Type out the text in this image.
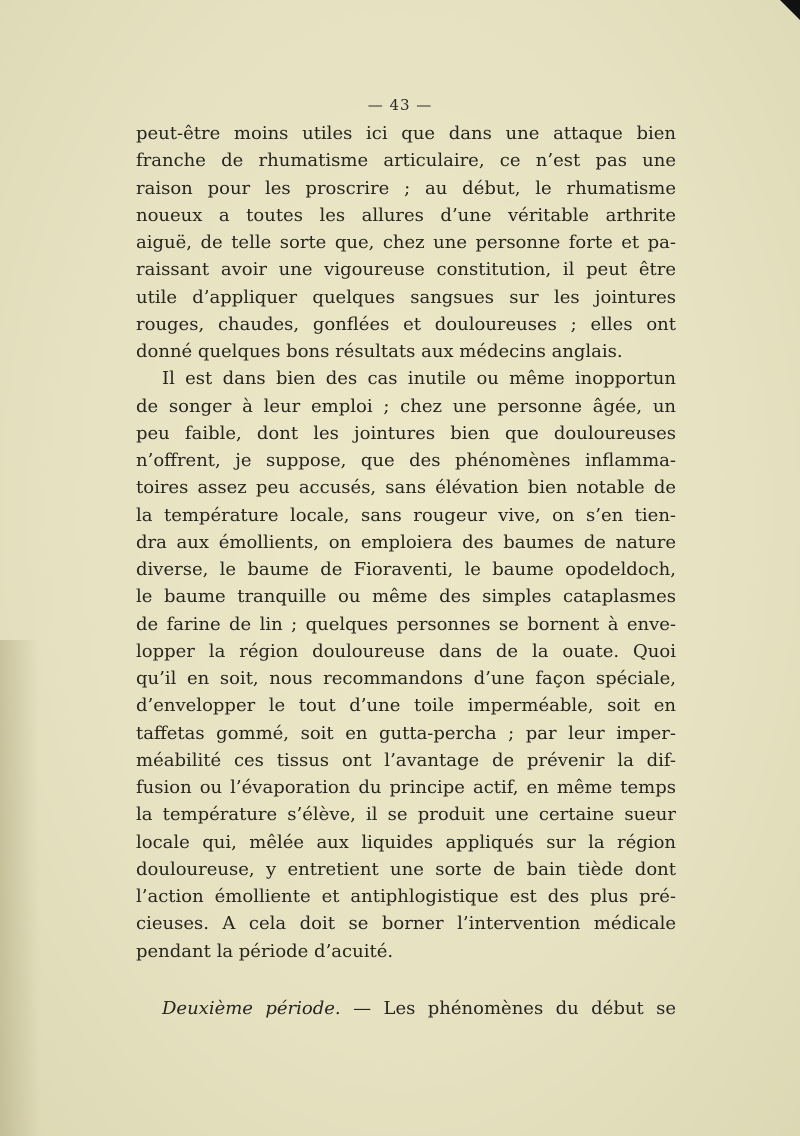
— 43 —
peut-être moins utiles ici que dans une attaque bien
franche de rhumatisme articulaire, ce n’est pas une
raison pour les proscrire ; au début, le rhumatisme
noueux a toutes les allures d’une véritable arthrite
aiguë, de telle sorte que, chez une personne forte et pa-
raissant avoir une vigoureuse constitution, il peut être
utile d’appliquer quelques sangsues sur les jointures
rouges, chaudes, gonflées et douloureuses ; elles ont
donné quelques bons résultats aux médecins anglais.
Il est dans bien des cas inutile ou même inopportun
de songer à leur emploi ; chez une personne âgée, un
peu faible, dont les jointures bien que douloureuses
n’offrent, je suppose, que des phénomènes inflamma-
toires assez peu accusés, sans élévation bien notable de
la température locale, sans rougeur vive, on s’en tien-
dra aux émollients, on emploiera des baumes de nature
diverse, le baume de Fioraventi, le baume opodeldoch,
le baume tranquille ou même des simples cataplasmes
de farine de lin ; quelques personnes se bornent à enve-
lopper la région douloureuse dans de la ouate. Quoi
qu’il en soit, nous recommandons d’une façon spéciale,
d’envelopper le tout d’une toile imperméable, soit en
taffetas gommé, soit en gutta-percha ; par leur imper-
méabilité ces tissus ont l’avantage de prévenir la dif-
fusion ou l’évaporation du principe actif, en même temps
la température s’élève, il se produit une certaine sueur
locale qui, mêlée aux liquides appliqués sur la région
douloureuse, y entretient une sorte de bain tiède dont
l’action émolliente et antiphlogistique est des plus pré-
cieuses. A cela doit se borner l’intervention médicale
pendant la période d’acuité.
Deuxième période. — Les phénomènes du début se
